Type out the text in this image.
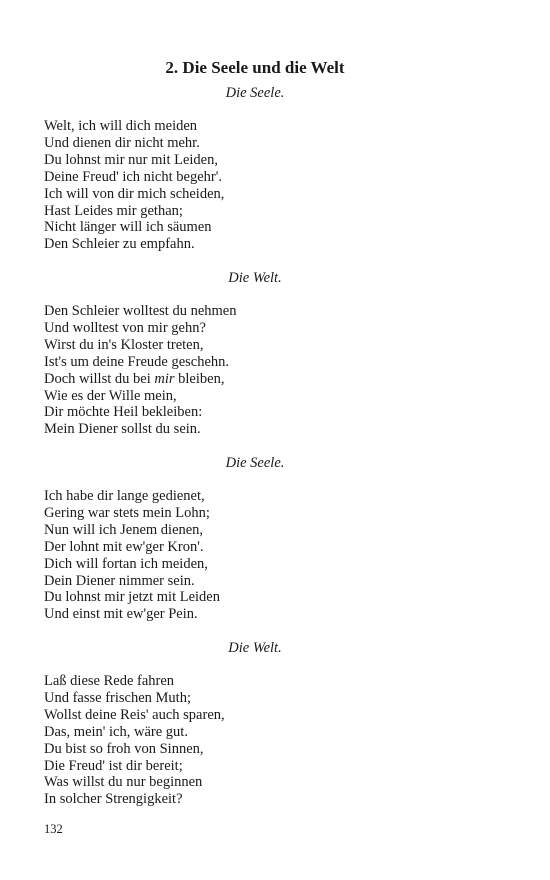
2. Die Seele und die Welt

Die Seele.

Welt, ich will dich meiden
Und dienen dir nicht mehr.
Du lohnst mir nur mit Leiden,
Deine Freud' ich nicht begehr'.
Ich will von dir mich scheiden,
Hast Leides mir gethan;
Nicht länger will ich säumen
Den Schleier zu empfahn.

Die Welt.

Den Schleier wolltest du nehmen
Und wolltest von mir gehn?
Wirst du in's Kloster treten,
Ist's um deine Freude geschehn.
Doch willst du bei mir bleiben,
Wie es der Wille mein,
Dir möchte Heil bekleiben:
Mein Diener sollst du sein.

Die Seele.

Ich habe dir lange gedienet,
Gering war stets mein Lohn;
Nun will ich Jenem dienen,
Der lohnt mit ew'ger Kron'.
Dich will fortan ich meiden,
Dein Diener nimmer sein.
Du lohnst mir jetzt mit Leiden
Und einst mit ew'ger Pein.

Die Welt.

Laß diese Rede fahren
Und fasse frischen Muth;
Wollst deine Reis' auch sparen,
Das, mein' ich, wäre gut.
Du bist so froh von Sinnen,
Die Freud' ist dir bereit;
Was willst du nur beginnen
In solcher Strengigkeit?
132
